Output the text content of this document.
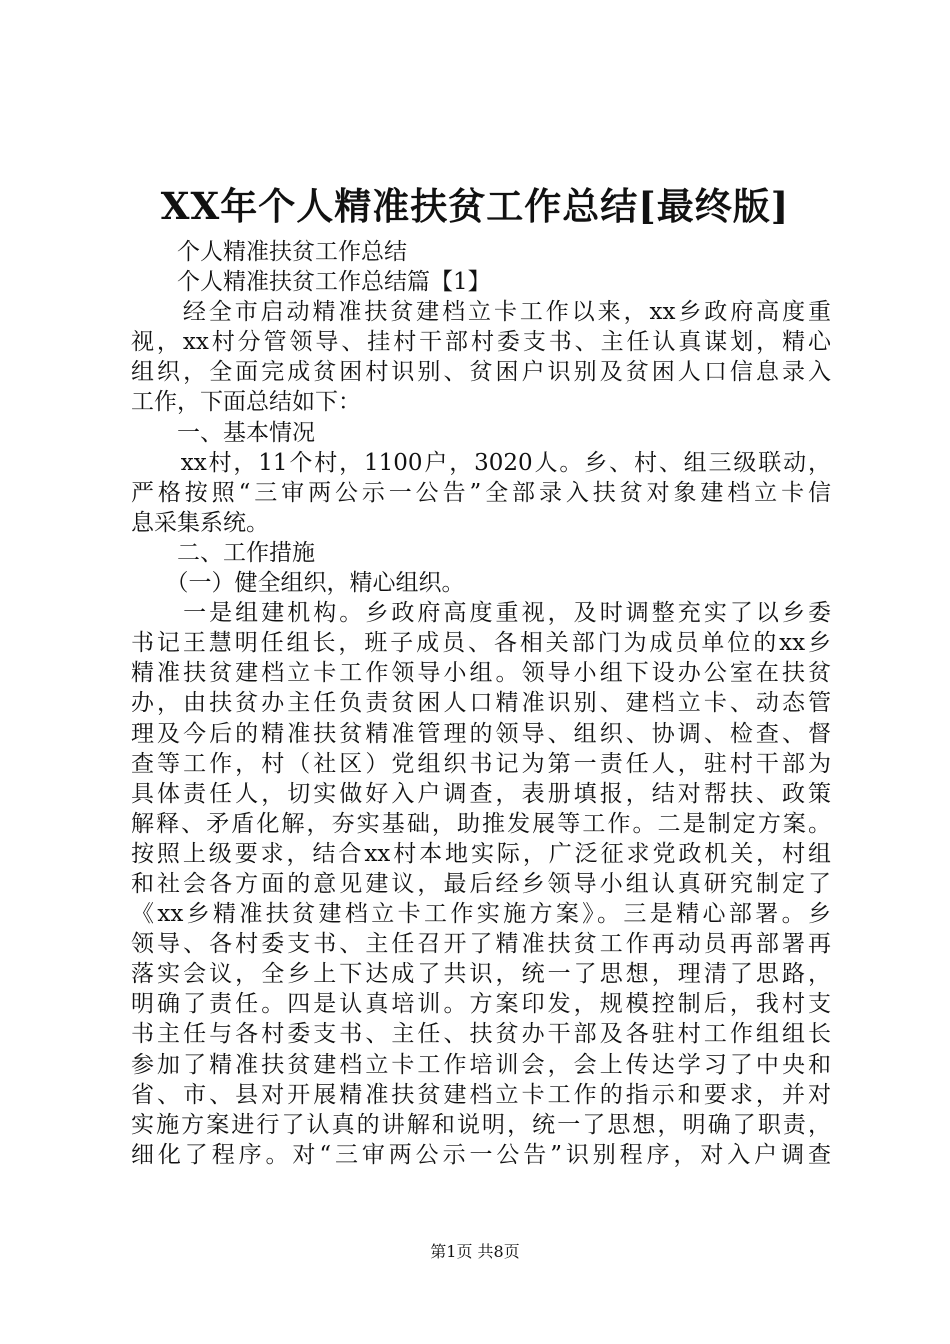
XX年个人精准扶贫工作总结[最终版]
　　个人精准扶贫工作总结
　　个人精准扶贫工作总结篇【1】
　　经全市启动精准扶贫建档立卡工作以来，xx乡政府高度重
视，xx村分管领导、挂村干部村委支书、主任认真谋划，精心
组织，全面完成贫困村识别、贫困户识别及贫困人口信息录入
工作，下面总结如下：
　　一、基本情况
　　xx村，11个村，1100户，3020人。乡、村、组三级联动，
严格按照“三审两公示一公告”全部录入扶贫对象建档立卡信
息采集系统。
　　二、工作措施
　　（一）健全组织，精心组织。
　　一是组建机构。乡政府高度重视，及时调整充实了以乡委
书记王慧明任组长，班子成员、各相关部门为成员单位的xx乡
精准扶贫建档立卡工作领导小组。领导小组下设办公室在扶贫
办，由扶贫办主任负责贫困人口精准识别、建档立卡、动态管
理及今后的精准扶贫精准管理的领导、组织、协调、检查、督
查等工作，村（社区）党组织书记为第一责任人，驻村干部为
具体责任人，切实做好入户调查，表册填报，结对帮扶、政策
解释、矛盾化解，夯实基础，助推发展等工作。二是制定方案。
按照上级要求，结合xx村本地实际，广泛征求党政机关，村组
和社会各方面的意见建议，最后经乡领导小组认真研究制定了
《xx乡精准扶贫建档立卡工作实施方案》。三是精心部署。乡
领导、各村委支书、主任召开了精准扶贫工作再动员再部署再
落实会议，全乡上下达成了共识，统一了思想，理清了思路，
明确了责任。四是认真培训。方案印发，规模控制后，我村支
书主任与各村委支书、主任、扶贫办干部及各驻村工作组组长
参加了精准扶贫建档立卡工作培训会，会上传达学习了中央和
省、市、县对开展精准扶贫建档立卡工作的指示和要求，并对
实施方案进行了认真的讲解和说明，统一了思想，明确了职责，
细化了程序。对“三审两公示一公告”识别程序，对入户调查
第1页 共8页
